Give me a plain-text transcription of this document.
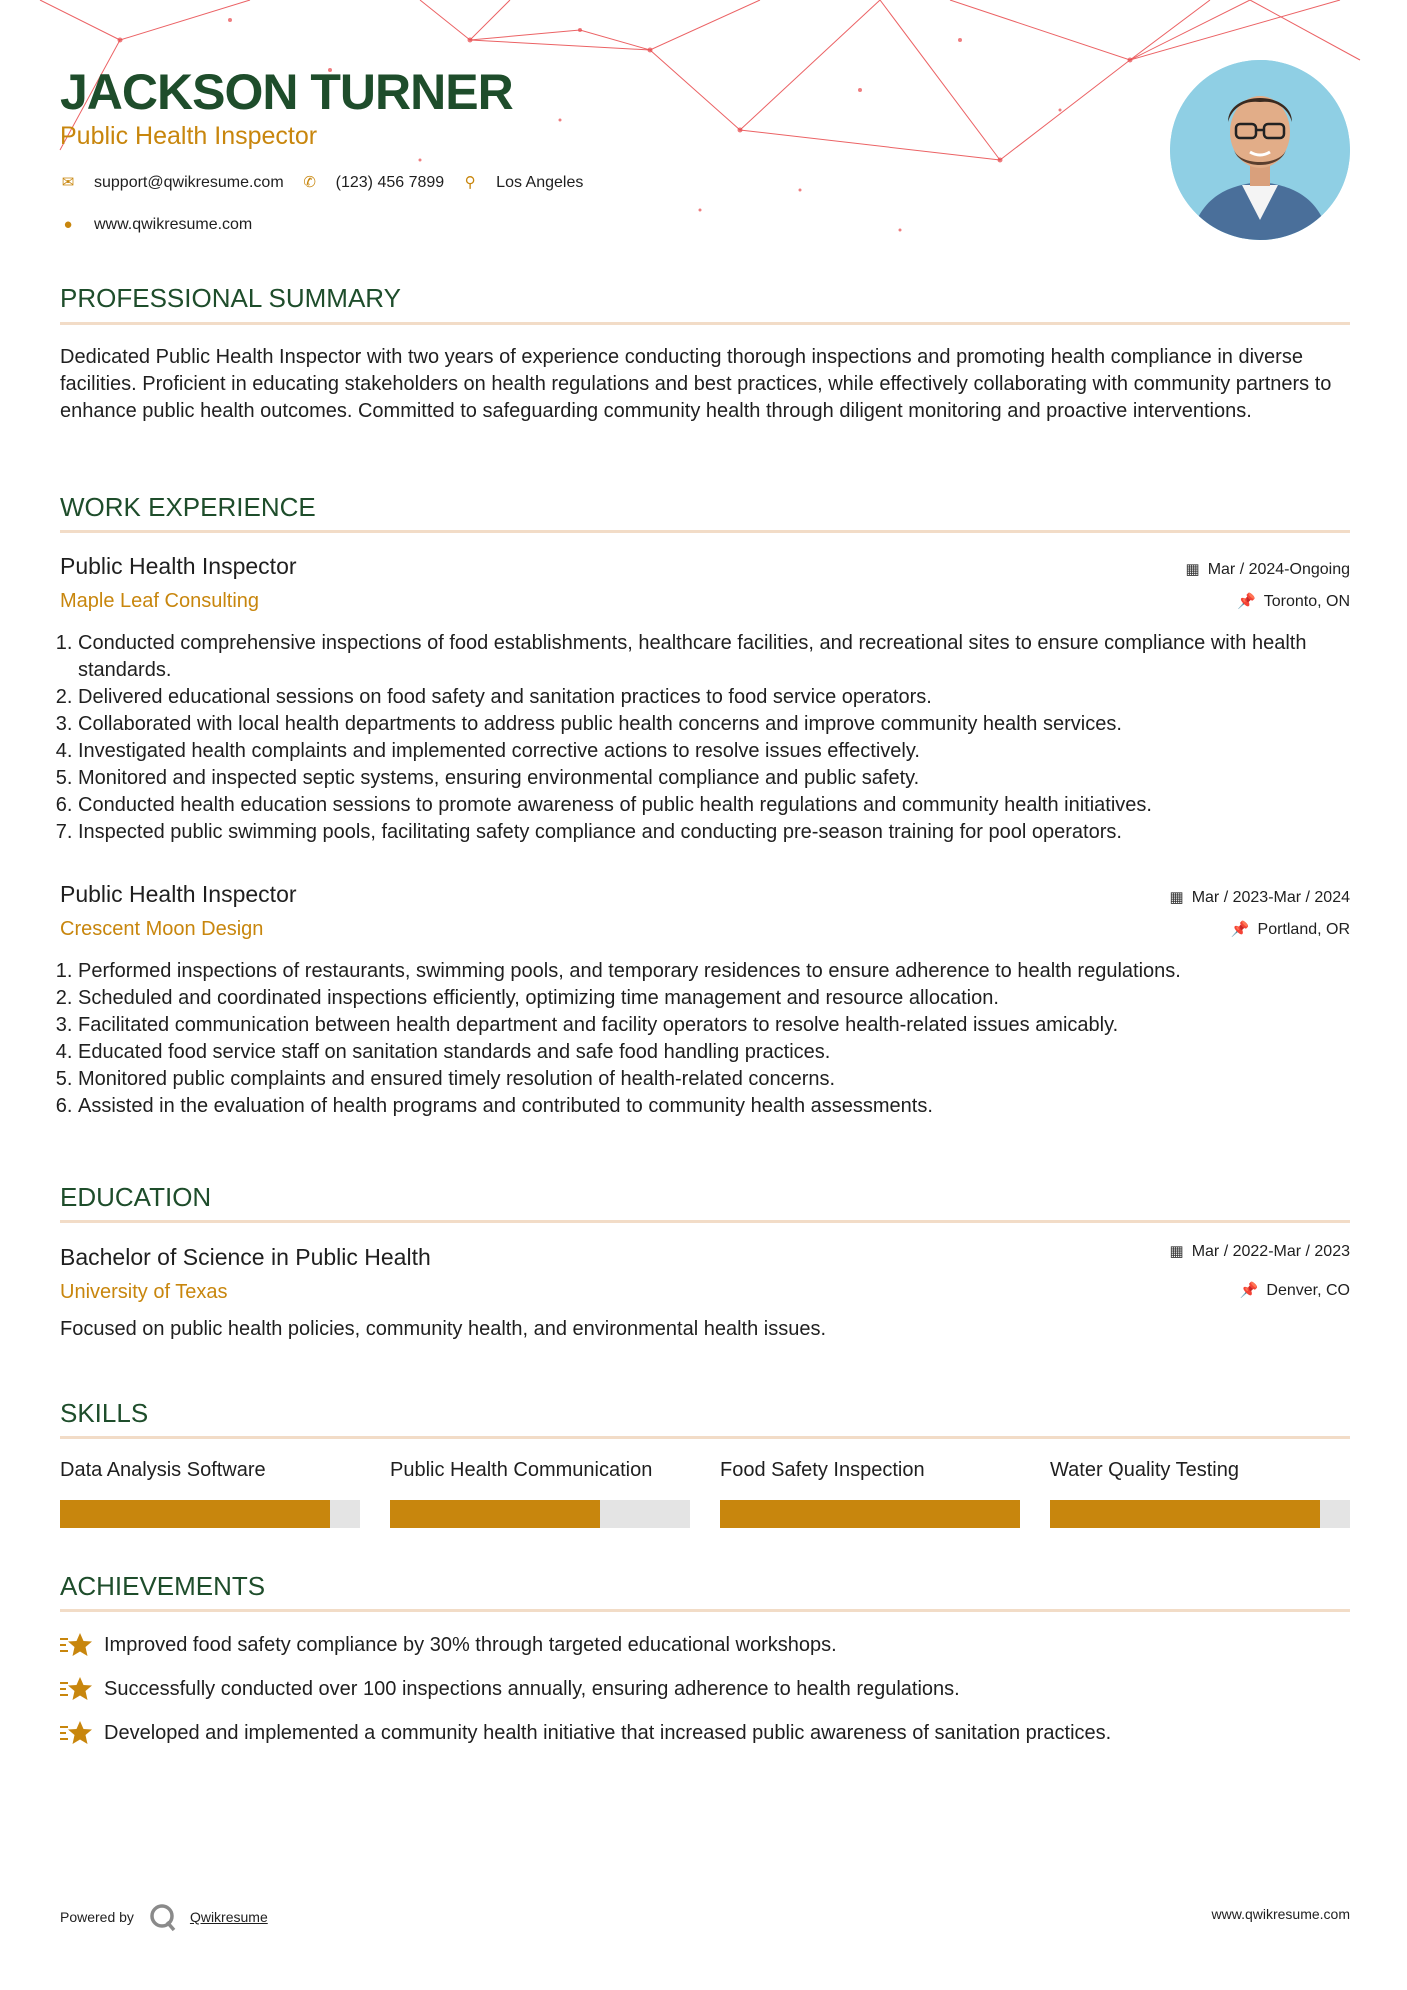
JACKSON TURNER
Public Health Inspector
✉ support@qwikresume.com ✆ (123) 456 7899 ⚲ Los Angeles
● www.qwikresume.com
PROFESSIONAL SUMMARY
Dedicated Public Health Inspector with two years of experience conducting thorough inspections and promoting health compliance in diverse facilities. Proficient in educating stakeholders on health regulations and best practices, while effectively collaborating with community partners to enhance public health outcomes. Committed to safeguarding community health through diligent monitoring and proactive interventions.
WORK EXPERIENCE
Public Health Inspector	▦ Mar / 2024-Ongoing
Maple Leaf Consulting	📌 Toronto, ON
1. Conducted comprehensive inspections of food establishments, healthcare facilities, and recreational sites to ensure compliance with health standards.
2. Delivered educational sessions on food safety and sanitation practices to food service operators.
3. Collaborated with local health departments to address public health concerns and improve community health services.
4. Investigated health complaints and implemented corrective actions to resolve issues effectively.
5. Monitored and inspected septic systems, ensuring environmental compliance and public safety.
6. Conducted health education sessions to promote awareness of public health regulations and community health initiatives.
7. Inspected public swimming pools, facilitating safety compliance and conducting pre-season training for pool operators.
Public Health Inspector	▦ Mar / 2023-Mar / 2024
Crescent Moon Design	📌 Portland, OR
1. Performed inspections of restaurants, swimming pools, and temporary residences to ensure adherence to health regulations.
2. Scheduled and coordinated inspections efficiently, optimizing time management and resource allocation.
3. Facilitated communication between health department and facility operators to resolve health-related issues amicably.
4. Educated food service staff on sanitation standards and safe food handling practices.
5. Monitored public complaints and ensured timely resolution of health-related concerns.
6. Assisted in the evaluation of health programs and contributed to community health assessments.
EDUCATION
Bachelor of Science in Public Health	▦ Mar / 2022-Mar / 2023
University of Texas	📌 Denver, CO
Focused on public health policies, community health, and environmental health issues.
SKILLS
Data Analysis Software	Public Health Communication	Food Safety Inspection	Water Quality Testing
ACHIEVEMENTS
Improved food safety compliance by 30% through targeted educational workshops.
Successfully conducted over 100 inspections annually, ensuring adherence to health regulations.
Developed and implemented a community health initiative that increased public awareness of sanitation practices.
Powered by	Qwikresume	www.qwikresume.com
